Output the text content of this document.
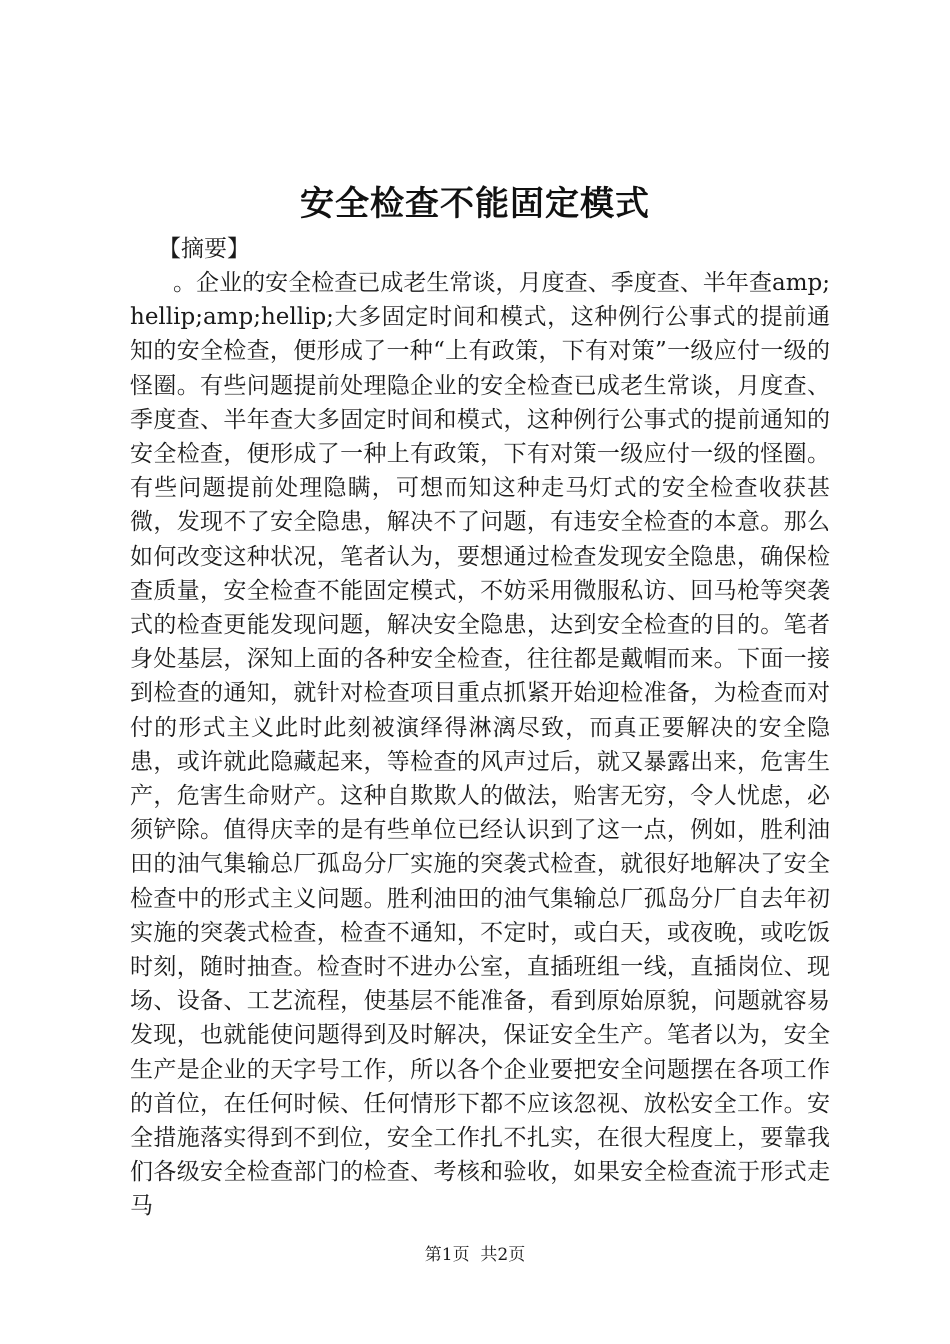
安全检查不能固定模式
【摘要】

。企业的安全检查已成老生常谈，月度查、季度查、半年查amp;hellip;amp;hellip;大多固定时间和模式，这种例行公事式的提前通知的安全检查，便形成了一种“上有政策，下有对策”一级应付一级的怪圈。有些问题提前处理隐企业的安全检查已成老生常谈，月度查、季度查、半年查大多固定时间和模式，这种例行公事式的提前通知的安全检查，便形成了一种上有政策，下有对策一级应付一级的怪圈。有些问题提前处理隐瞒，可想而知这种走马灯式的安全检查收获甚微，发现不了安全隐患，解决不了问题，有违安全检查的本意。那么如何改变这种状况，笔者认为，要想通过检查发现安全隐患，确保检查质量，安全检查不能固定模式，不妨采用微服私访、回马枪等突袭式的检查更能发现问题，解决安全隐患，达到安全检查的目的。笔者身处基层，深知上面的各种安全检查，往往都是戴帽而来。下面一接到检查的通知，就针对检查项目重点抓紧开始迎检准备，为检查而对付的形式主义此时此刻被演绎得淋漓尽致，而真正要解决的安全隐患，或许就此隐藏起来，等检查的风声过后，就又暴露出来，危害生产，危害生命财产。这种自欺欺人的做法，贻害无穷，令人忧虑，必须铲除。值得庆幸的是有些单位已经认识到了这一点，例如，胜利油田的油气集输总厂孤岛分厂实施的突袭式检查，就很好地解决了安全检查中的形式主义问题。胜利油田的油气集输总厂孤岛分厂自去年初实施的突袭式检查，检查不通知，不定时，或白天，或夜晚，或吃饭时刻，随时抽查。检查时不进办公室，直插班组一线，直插岗位、现场、设备、工艺流程，使基层不能准备，看到原始原貌，问题就容易发现，也就能使问题得到及时解决，保证安全生产。笔者以为，安全生产是企业的天字号工作，所以各个企业要把安全问题摆在各项工作的首位，在任何时候、任何情形下都不应该忽视、放松安全工作。安全措施落实得到不到位，安全工作扎不扎实，在很大程度上，要靠我们各级安全检查部门的检查、考核和验收，如果安全检查流于形式走马

第1页 共2页
